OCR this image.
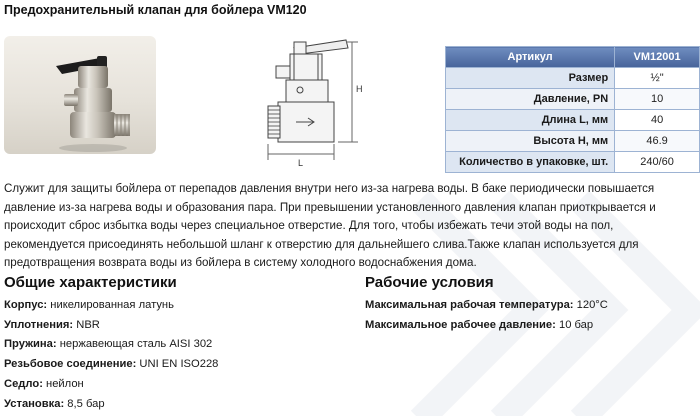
Предохранительный клапан для бойлера VM120
H
L
Артикул	VM12001
Размер	½"
Давление, PN	10
Длина L, мм	40
Высота H, мм	46.9
Количество в упаковке, шт.	240/60
Служит для защиты бойлера от перепадов давления внутри него из-за нагрева воды. В баке периодически повышается давление из-за нагрева воды и образования пара. При превышении установленного давления клапан приоткрывается и происходит сброс избытка воды через специальное отверстие. Для того, чтобы избежать течи этой воды на пол, рекомендуется присоединять небольшой шланг к отверстию для дальнейшего слива.Также клапан используется для предотвращения возврата воды из бойлера в систему холодного водоснабжения дома.
Общие характеристики
Корпус: никелированная латунь
Уплотнения: NBR
Пружина: нержавеющая сталь AISI 302
Резьбовое соединение: UNI EN ISO228
Седло: нейлон
Установка: 8,5 бар
Рабочие условия
Максимальная рабочая температура: 120°C
Максимальное рабочее давление: 10 бар
